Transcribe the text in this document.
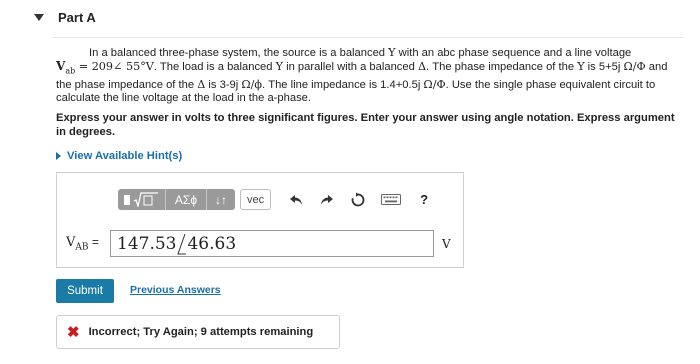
Part A

In a balanced three-phase system, the source is a balanced Y with an abc phase sequence and a line voltage

$V_{ab}$ = 209∠ 55°V. The load is a balanced Y in parallel with a balanced Δ. The phase impedance of the Y is 5+5j Ω/Φ and

the phase impedance of the Δ is 3-9j Ω/ϕ. The line impedance is 1.4+0.5j Ω/Φ. Use the single phase equivalent circuit to

calculate the line voltage at the load in the a-phase.

Express your answer in volts to three significant figures. Enter your answer using angle notation. Express argument in degrees.
View Available Hint(s)
ΑΣϕ ↓↑ vec	?
$V_{AB} = 147.53$ 46.63	V
Submit	Previous Answers
✖ Incorrect; Try Again; 9 attempts remaining
